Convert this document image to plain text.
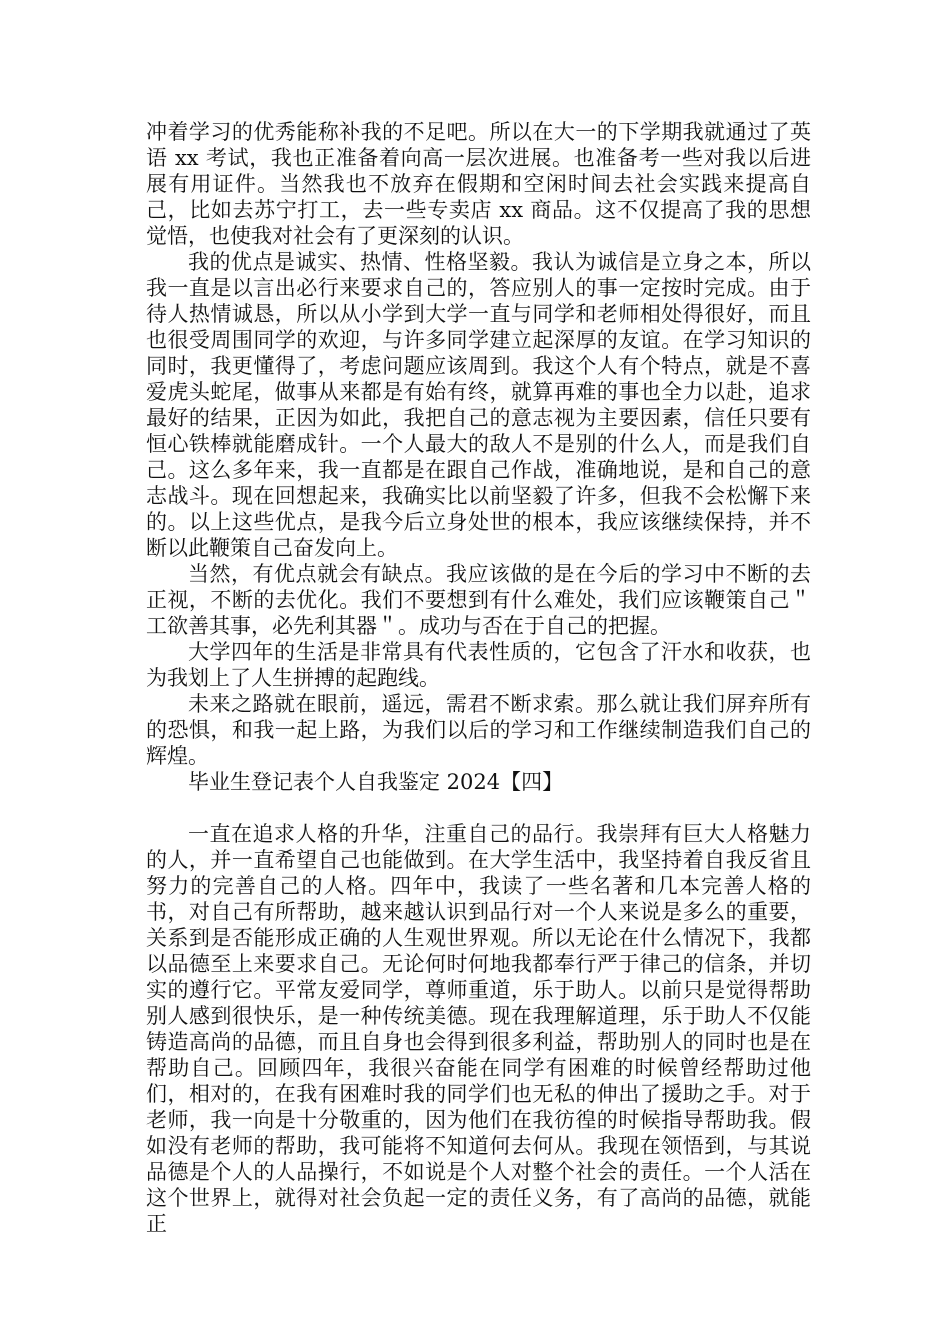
冲着学习的优秀能称补我的不足吧。所以在大一的下学期我就通过了英语 xx 考试，我也正准备着向高一层次进展。也准备考一些对我以后进展有用证件。当然我也不放弃在假期和空闲时间去社会实践来提高自己，比如去苏宁打工，去一些专卖店 xx 商品。这不仅提高了我的思想觉悟，也使我对社会有了更深刻的认识。

我的优点是诚实、热情、性格坚毅。我认为诚信是立身之本，所以我一直是以言出必行来要求自己的，答应别人的事一定按时完成。由于待人热情诚恳，所以从小学到大学一直与同学和老师相处得很好，而且也很受周围同学的欢迎，与许多同学建立起深厚的友谊。在学习知识的同时，我更懂得了，考虑问题应该周到。我这个人有个特点，就是不喜爱虎头蛇尾，做事从来都是有始有终，就算再难的事也全力以赴，追求最好的结果，正因为如此，我把自己的意志视为主要因素，信任只要有恒心铁棒就能磨成针。一个人最大的敌人不是别的什么人，而是我们自己。这么多年来，我一直都是在跟自己作战，准确地说，是和自己的意志战斗。现在回想起来，我确实比以前坚毅了许多，但我不会松懈下来的。以上这些优点，是我今后立身处世的根本，我应该继续保持，并不断以此鞭策自己奋发向上。

当然，有优点就会有缺点。我应该做的是在今后的学习中不断的去正视，不断的去优化。我们不要想到有什么难处，我们应该鞭策自己＂工欲善其事，必先利其器＂。成功与否在于自己的把握。

大学四年的生活是非常具有代表性质的，它包含了汗水和收获，也为我划上了人生拼搏的起跑线。

未来之路就在眼前，遥远，需君不断求索。那么就让我们屏弃所有的恐惧，和我一起上路，为我们以后的学习和工作继续制造我们自己的辉煌。

毕业生登记表个人自我鉴定 2024【四】

一直在追求人格的升华，注重自己的品行。我崇拜有巨大人格魅力的人，并一直希望自己也能做到。在大学生活中，我坚持着自我反省且努力的完善自己的人格。四年中，我读了一些名著和几本完善人格的书，对自己有所帮助，越来越认识到品行对一个人来说是多么的重要，关系到是否能形成正确的人生观世界观。所以无论在什么情况下，我都以品德至上来要求自己。无论何时何地我都奉行严于律己的信条，并切实的遵行它。平常友爱同学，尊师重道，乐于助人。以前只是觉得帮助别人感到很快乐，是一种传统美德。现在我理解道理，乐于助人不仅能铸造高尚的品德，而且自身也会得到很多利益，帮助别人的同时也是在帮助自己。回顾四年，我很兴奋能在同学有困难的时候曾经帮助过他们，相对的，在我有困难时我的同学们也无私的伸出了援助之手。对于老师，我一向是十分敬重的，因为他们在我彷徨的时候指导帮助我。假如没有老师的帮助，我可能将不知道何去何从。我现在领悟到，与其说品德是个人的人品操行，不如说是个人对整个社会的责任。一个人活在这个世界上，就得对社会负起一定的责任义务，有了高尚的品德，就能正
